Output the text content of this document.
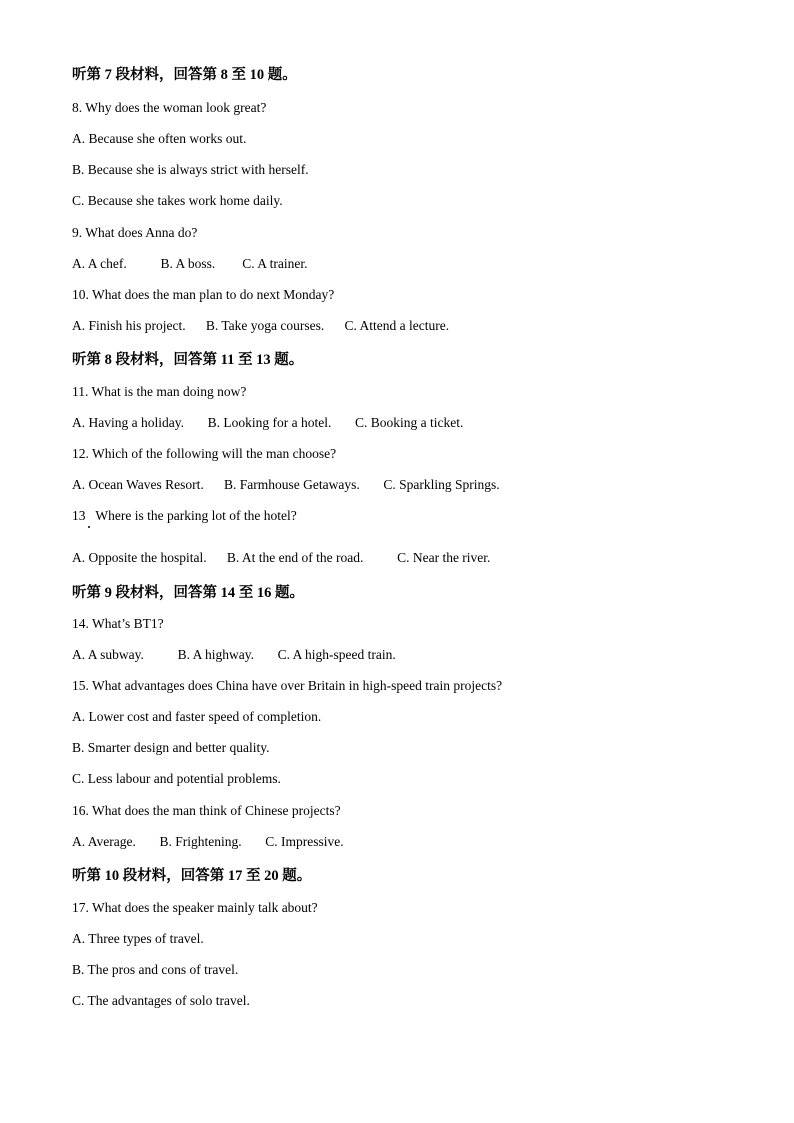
听第 7 段材料，回答第 8 至 10 题。
8. Why does the woman look great?
A. Because she often works out.
B. Because she is always strict with herself.
C. Because she takes work home daily.
9. What does Anna do?
A. A chef.          B. A boss.        C. A trainer.
10. What does the man plan to do next Monday?
A. Finish his project.      B. Take yoga courses.      C. Attend a lecture.
听第 8 段材料，回答第 11 至 13 题。
11. What is the man doing now?
A. Having a holiday.       B. Looking for a hotel.       C. Booking a ticket.
12. Which of the following will the man choose?
A. Ocean Waves Resort.      B. Farmhouse Getaways.       C. Sparkling Springs.
13   Where is the parking lot of the hotel?
A. Opposite the hospital.      B. At the end of the road.          C. Near the river.
听第 9 段材料，回答第 14 至 16 题。
14. What’s BT1?
A. A subway.          B. A highway.       C. A high-speed train.
15. What advantages does China have over Britain in high-speed train projects?
A. Lower cost and faster speed of completion.
B. Smarter design and better quality.
C. Less labour and potential problems.
16. What does the man think of Chinese projects?
A. Average.       B. Frightening.       C. Impressive.
听第 10 段材料，回答第 17 至 20 题。
17. What does the speaker mainly talk about?
A. Three types of travel.
B. The pros and cons of travel.
C. The advantages of solo travel.
